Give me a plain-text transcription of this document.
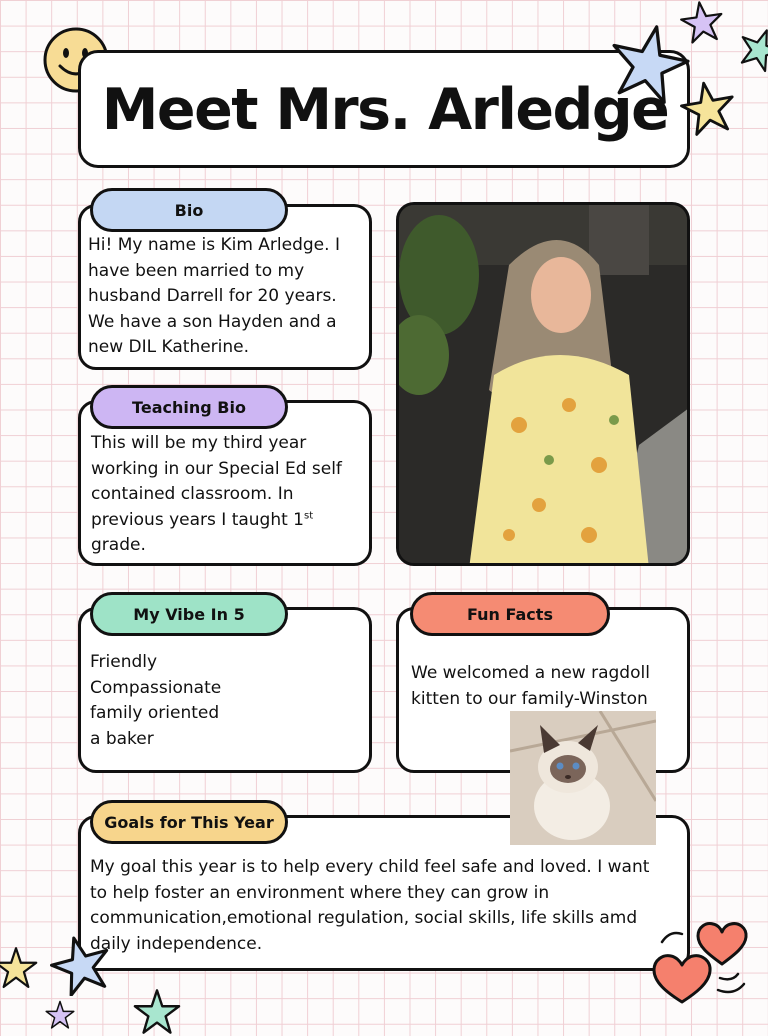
Meet Mrs. Arledge
Bio
Hi! My name is Kim Arledge. I
have been married to my
husband Darrell for 20 years.
We have a son Hayden and a
new DIL Katherine.
Teaching Bio
This will be my third year
working in our Special Ed self
contained classroom. In
previous years I taught 1st
grade.
My Vibe In 5
Friendly
Compassionate
family oriented
a baker
Fun Facts
We welcomed a new ragdoll
kitten to our family-Winston
Goals for This Year
My goal this year is to help every child feel safe and loved. I want
to help foster an environment where they can grow in
communication,emotional regulation, social skills, life skills amd
daily independence.
